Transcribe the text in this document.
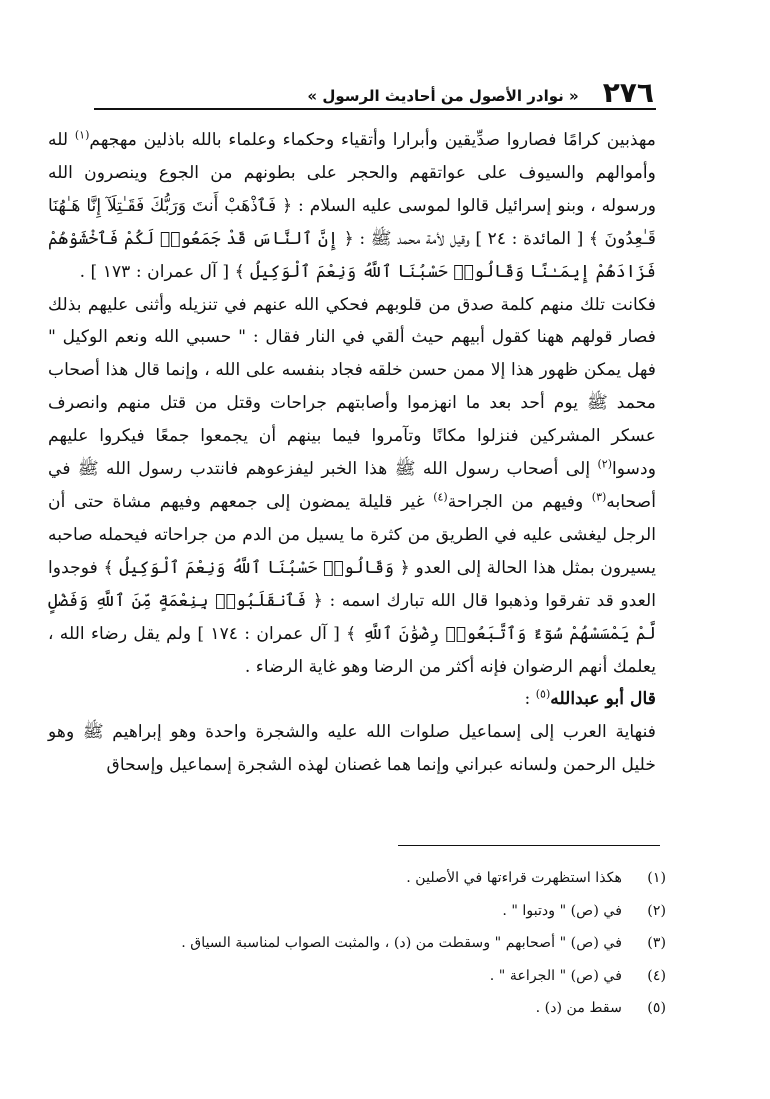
٢٧٦
« نوادر الأصول من أحاديث الرسول »

مهذبين كرامًا فصاروا صدِّيقين وأبرارا وأتقياء وحكماء وعلماء بالله باذلين مهجهم$^{(١)}$ لله وأموالهم والسيوف على عواتقهم والحجر على بطونهم من الجوع وينصرون الله ورسوله ، وبنو إسرائيل قالوا لموسى عليه السلام : ﴿ فَٱذْهَبْ أَنتَ وَرَبُّكَ فَقَـٰتِلَآ إِنَّا هَـٰهُنَا قَـٰعِدُونَ ﴾ [ المائدة : ٢٤ ] وقيل لأمة محمد ﷺ : ﴿ إِنَّ ٱلنَّاسَ قَدْ جَمَعُوا۟ لَكُمْ فَٱخْشَوْهُمْ فَزَادَهُمْ إِيمَـٰنًا وَقَالُوا۟ حَسْبُنَا ٱللَّهُ وَنِعْمَ ٱلْوَكِيلُ ﴾ [ آل عمران : ١٧٣ ] .

فكانت تلك منهم كلمة صدق من قلوبهم فحكي الله عنهم في تنزيله وأثنى عليهم بذلك فصار قولهم ههنا كقول أبيهم حيث ألقي في النار فقال : " حسبي الله ونعم الوكيل " فهل يمكن ظهور هذا إلا ممن حسن خلقه فجاد بنفسه على الله ، وإنما قال هذا أصحاب محمد ﷺ يوم أحد بعد ما انهزموا وأصابتهم جراحات وقتل من قتل منهم وانصرف عسكر المشركين فنزلوا مكانًا وتآمروا فيما بينهم أن يجمعوا جمعًا فيكروا عليهم ودسوا$^{(٢)}$ إلى أصحاب رسول الله ﷺ هذا الخبر ليفزعوهم فانتدب رسول الله ﷺ في أصحابه$^{(٣)}$ وفيهم من الجراحة$^{(٤)}$ غير قليلة يمضون إلى جمعهم وفيهم مشاة حتى أن الرجل ليغشى عليه في الطريق من كثرة ما يسيل من الدم من جراحاته فيحمله صاحبه يسيرون بمثل هذا الحالة إلى العدو ﴿ وَقَالُوا۟ حَسْبُنَا ٱللَّهُ وَنِعْمَ ٱلْوَكِيلُ ﴾ فوجدوا العدو قد تفرقوا وذهبوا قال الله تبارك اسمه : ﴿ فَٱنقَلَبُوا۟ بِنِعْمَةٍ مِّنَ ٱللَّهِ وَفَضْلٍ لَّمْ يَمْسَسْهُمْ سُوٓءٌ وَٱتَّبَعُوا۟ رِضْوَٰنَ ٱللَّهِ ﴾ [ آل عمران : ١٧٤ ] ولم يقل رضاء الله ، يعلمك أنهم الرضوان فإنه أكثر من الرضا وهو غاية الرضاء .

قال أبو عبدالله$^{(٥)}$ :

فنهاية العرب إلى إسماعيل صلوات الله عليه والشجرة واحدة وهو إبراهيم ﷺ وهو خليل الرحمن ولسانه عبراني وإنما هما غصنان لهذه الشجرة إسماعيل وإسحاق

(١)
هكذا استظهرت قراءتها في الأصلين .
(٢)
في (ص) " ودتبوا " .
(٣)
في (ص) " أصحابهم " وسقطت من (د) ، والمثبت الصواب لمناسبة السياق .
(٤)
في (ص) " الجراعة " .
(٥)
سقط من (د) .
